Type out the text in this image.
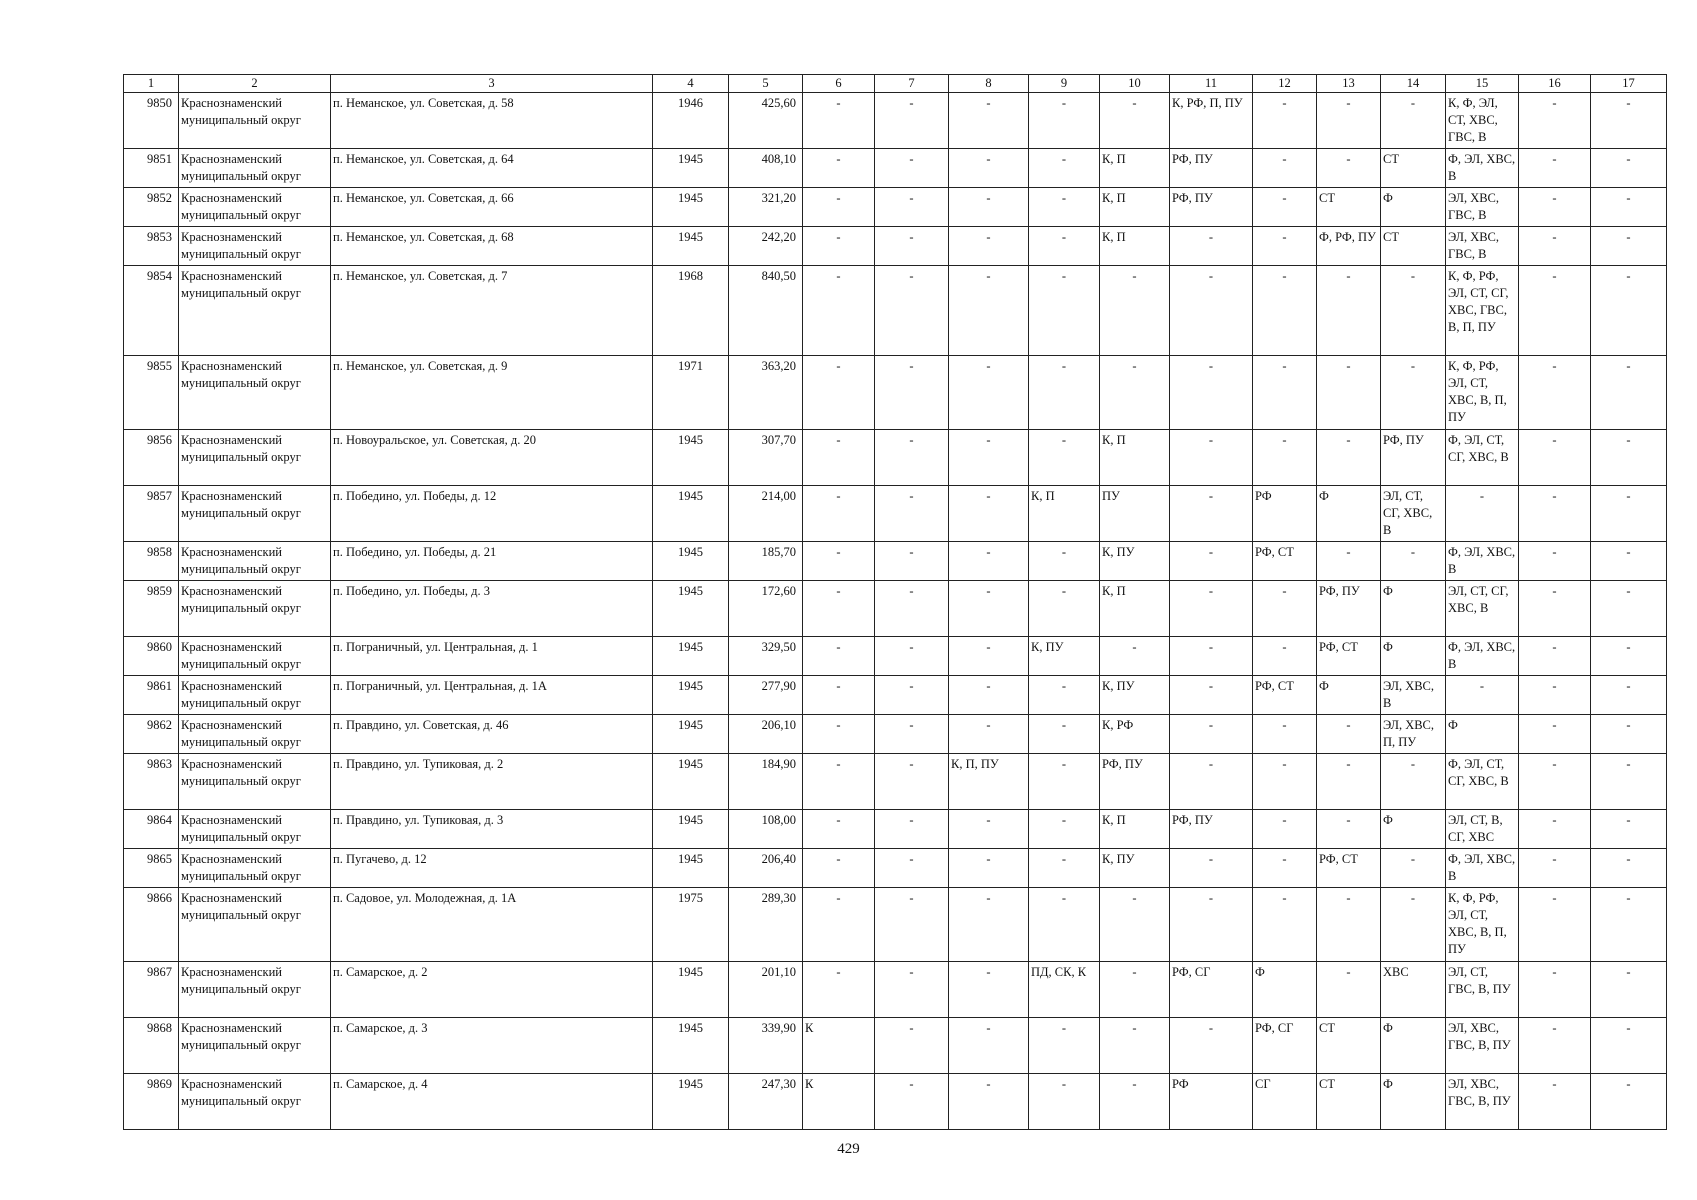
1	2	3	4	5	6	7	8	9	10	11	12	13	14	15	16	17
9850	Краснознаменский муниципальный округ	п. Неманское, ул. Советская, д. 58	1946	425,60	-	-	-	-	-	К, РФ, П, ПУ	-	-	-	К, Ф, ЭЛ, СТ, ХВС, ГВС, В	-	-
9851	Краснознаменский муниципальный округ	п. Неманское, ул. Советская, д. 64	1945	408,10	-	-	-	-	К, П	РФ, ПУ	-	-	СТ	Ф, ЭЛ, ХВС, В	-	-
9852	Краснознаменский муниципальный округ	п. Неманское, ул. Советская, д. 66	1945	321,20	-	-	-	-	К, П	РФ, ПУ	-	СТ	Ф	ЭЛ, ХВС, ГВС, В	-	-
9853	Краснознаменский муниципальный округ	п. Неманское, ул. Советская, д. 68	1945	242,20	-	-	-	-	К, П	-	-	Ф, РФ, ПУ	СТ	ЭЛ, ХВС, ГВС, В	-	-
9854	Краснознаменский муниципальный округ	п. Неманское, ул. Советская, д. 7	1968	840,50	-	-	-	-	-	-	-	-	-	К, Ф, РФ, ЭЛ, СТ, СГ, ХВС, ГВС, В, П, ПУ	-	-
9855	Краснознаменский муниципальный округ	п. Неманское, ул. Советская, д. 9	1971	363,20	-	-	-	-	-	-	-	-	-	К, Ф, РФ, ЭЛ, СТ, ХВС, В, П, ПУ	-	-
9856	Краснознаменский муниципальный округ	п. Новоуральское, ул. Советская, д. 20	1945	307,70	-	-	-	-	К, П	-	-	-	РФ, ПУ	Ф, ЭЛ, СТ, СГ, ХВС, В	-	-
9857	Краснознаменский муниципальный округ	п. Победино, ул. Победы, д. 12	1945	214,00	-	-	-	К, П	ПУ	-	РФ	Ф	ЭЛ, СТ, СГ, ХВС, В	-	-	-
9858	Краснознаменский муниципальный округ	п. Победино, ул. Победы, д. 21	1945	185,70	-	-	-	-	К, ПУ	-	РФ, СТ	-	-	Ф, ЭЛ, ХВС, В	-	-
9859	Краснознаменский муниципальный округ	п. Победино, ул. Победы, д. 3	1945	172,60	-	-	-	-	К, П	-	-	РФ, ПУ	Ф	ЭЛ, СТ, СГ, ХВС, В	-	-
9860	Краснознаменский муниципальный округ	п. Пограничный, ул. Центральная, д. 1	1945	329,50	-	-	-	К, ПУ	-	-	-	РФ, СТ	Ф	Ф, ЭЛ, ХВС, В	-	-
9861	Краснознаменский муниципальный округ	п. Пограничный, ул. Центральная, д. 1А	1945	277,90	-	-	-	-	К, ПУ	-	РФ, СТ	Ф	ЭЛ, ХВС, В	-	-	-
9862	Краснознаменский муниципальный округ	п. Правдино, ул. Советская, д. 46	1945	206,10	-	-	-	-	К, РФ	-	-	-	ЭЛ, ХВС, П, ПУ	Ф	-	-
9863	Краснознаменский муниципальный округ	п. Правдино, ул. Тупиковая, д. 2	1945	184,90	-	-	К, П, ПУ	-	РФ, ПУ	-	-	-	-	Ф, ЭЛ, СТ, СГ, ХВС, В	-	-
9864	Краснознаменский муниципальный округ	п. Правдино, ул. Тупиковая, д. 3	1945	108,00	-	-	-	-	К, П	РФ, ПУ	-	-	Ф	ЭЛ, СТ, В, СГ, ХВС	-	-
9865	Краснознаменский муниципальный округ	п. Пугачево, д. 12	1945	206,40	-	-	-	-	К, ПУ	-	-	РФ, СТ	-	Ф, ЭЛ, ХВС, В	-	-
9866	Краснознаменский муниципальный округ	п. Садовое, ул. Молодежная, д. 1А	1975	289,30	-	-	-	-	-	-	-	-	-	К, Ф, РФ, ЭЛ, СТ, ХВС, В, П, ПУ	-	-
9867	Краснознаменский муниципальный округ	п. Самарское, д. 2	1945	201,10	-	-	-	ПД, СК, К	-	РФ, СГ	Ф	-	ХВС	ЭЛ, СТ, ГВС, В, ПУ	-	-
9868	Краснознаменский муниципальный округ	п. Самарское, д. 3	1945	339,90	К	-	-	-	-	-	РФ, СГ	СТ	Ф	ЭЛ, ХВС, ГВС, В, ПУ	-	-
9869	Краснознаменский муниципальный округ	п. Самарское, д. 4	1945	247,30	К	-	-	-	-	РФ	СГ	СТ	Ф	ЭЛ, ХВС, ГВС, В, ПУ	-	-
429
